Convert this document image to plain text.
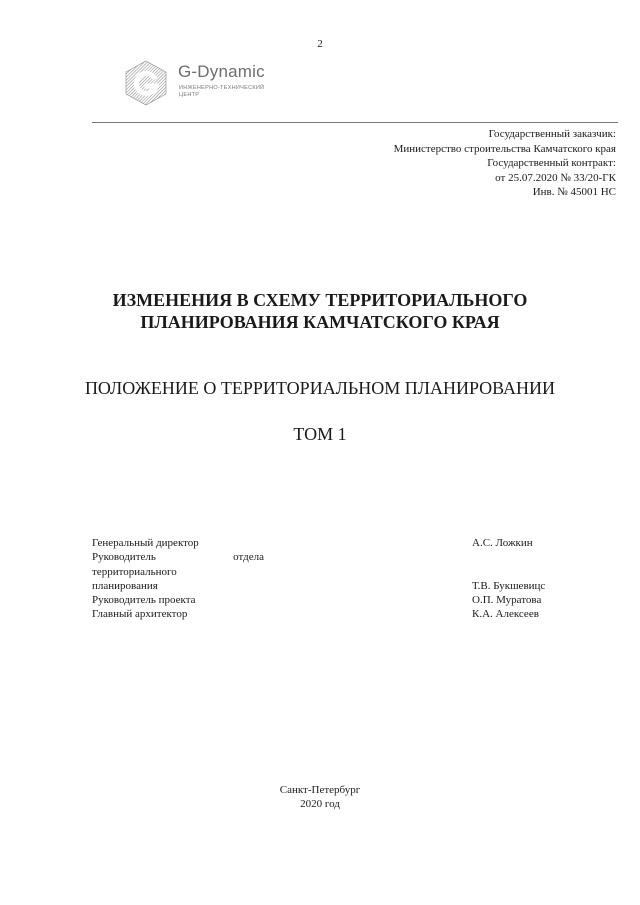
2
G-Dynamic
ИНЖЕНЕРНО-ТЕХНИЧЕСКИЙ
ЦЕНТР
Государственный заказчик:
Министерство строительства Камчатского края
Государственный контракт:
от 25.07.2020 № 33/20-ГК
Инв. № 45001 НС
ИЗМЕНЕНИЯ В СХЕМУ ТЕРРИТОРИАЛЬНОГО
ПЛАНИРОВАНИЯ КАМЧАТСКОГО КРАЯ
ПОЛОЖЕНИЕ О ТЕРРИТОРИАЛЬНОМ ПЛАНИРОВАНИИ
ТОМ 1
Генеральный директор	А.С. Ложкин
Руководитель	отдела
территориального
планирования	Т.В. Букшевицс
Руководитель проекта	О.П. Муратова
Главный архитектор	К.А. Алексеев
Санкт-Петербург
2020 год
